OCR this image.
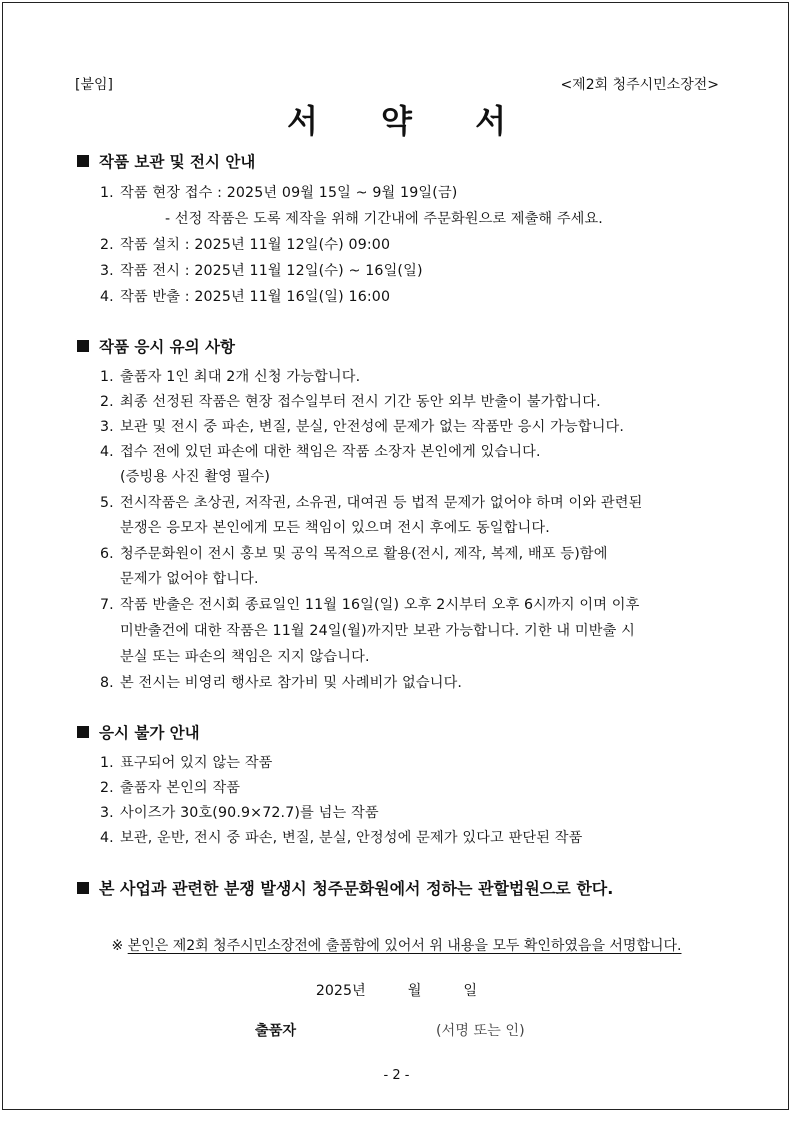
[붙임]	<제2회 청주시민소장전>
서 약 서
작품 보관 및 전시 안내
1. 작품 현장 접수 : 2025년 09월 15일 ~ 9월 19일(금)
- 선정 작품은 도록 제작을 위해 기간내에 주문화원으로 제출해 주세요.
2. 작품 설치 : 2025년 11월 12일(수) 09:00
3. 작품 전시 : 2025년 11월 12일(수) ~ 16일(일)
4. 작품 반출 : 2025년 11월 16일(일) 16:00
작품 응시 유의 사항
1. 출품자 1인 최대 2개 신청 가능합니다.
2. 최종 선정된 작품은 현장 접수일부터 전시 기간 동안 외부 반출이 불가합니다.
3. 보관 및 전시 중 파손, 변질, 분실, 안전성에 문제가 없는 작품만 응시 가능합니다.
4. 접수 전에 있던 파손에 대한 책임은 작품 소장자 본인에게 있습니다.
(증빙용 사진 촬영 필수)
5. 전시작품은 초상권, 저작권, 소유권, 대여권 등 법적 문제가 없어야 하며 이와 관련된
분쟁은 응모자 본인에게 모든 책임이 있으며 전시 후에도 동일합니다.
6. 청주문화원이 전시 홍보 및 공익 목적으로 활용(전시, 제작, 복제, 배포 등)함에
문제가 없어야 합니다.
7. 작품 반출은 전시회 종료일인 11월 16일(일) 오후 2시부터 오후 6시까지 이며 이후
미반출건에 대한 작품은 11월 24일(월)까지만 보관 가능합니다. 기한 내 미반출 시
분실 또는 파손의 책임은 지지 않습니다.
8. 본 전시는 비영리 행사로 참가비 및 사례비가 없습니다.
응시 불가 안내
1. 표구되어 있지 않는 작품
2. 출품자 본인의 작품
3. 사이즈가 30호(90.9×72.7)를 넘는 작품
4. 보관, 운반, 전시 중 파손, 변질, 분실, 안정성에 문제가 있다고 판단된 작품
본 사업과 관련한 분쟁 발생시 청주문화원에서 정하는 관할법원으로 한다.
※ 본인은 제2회 청주시민소장전에 출품함에 있어서 위 내용을 모두 확인하였음을 서명합니다.
2025년	월	일
출품자	(서명 또는 인)
- 2 -
